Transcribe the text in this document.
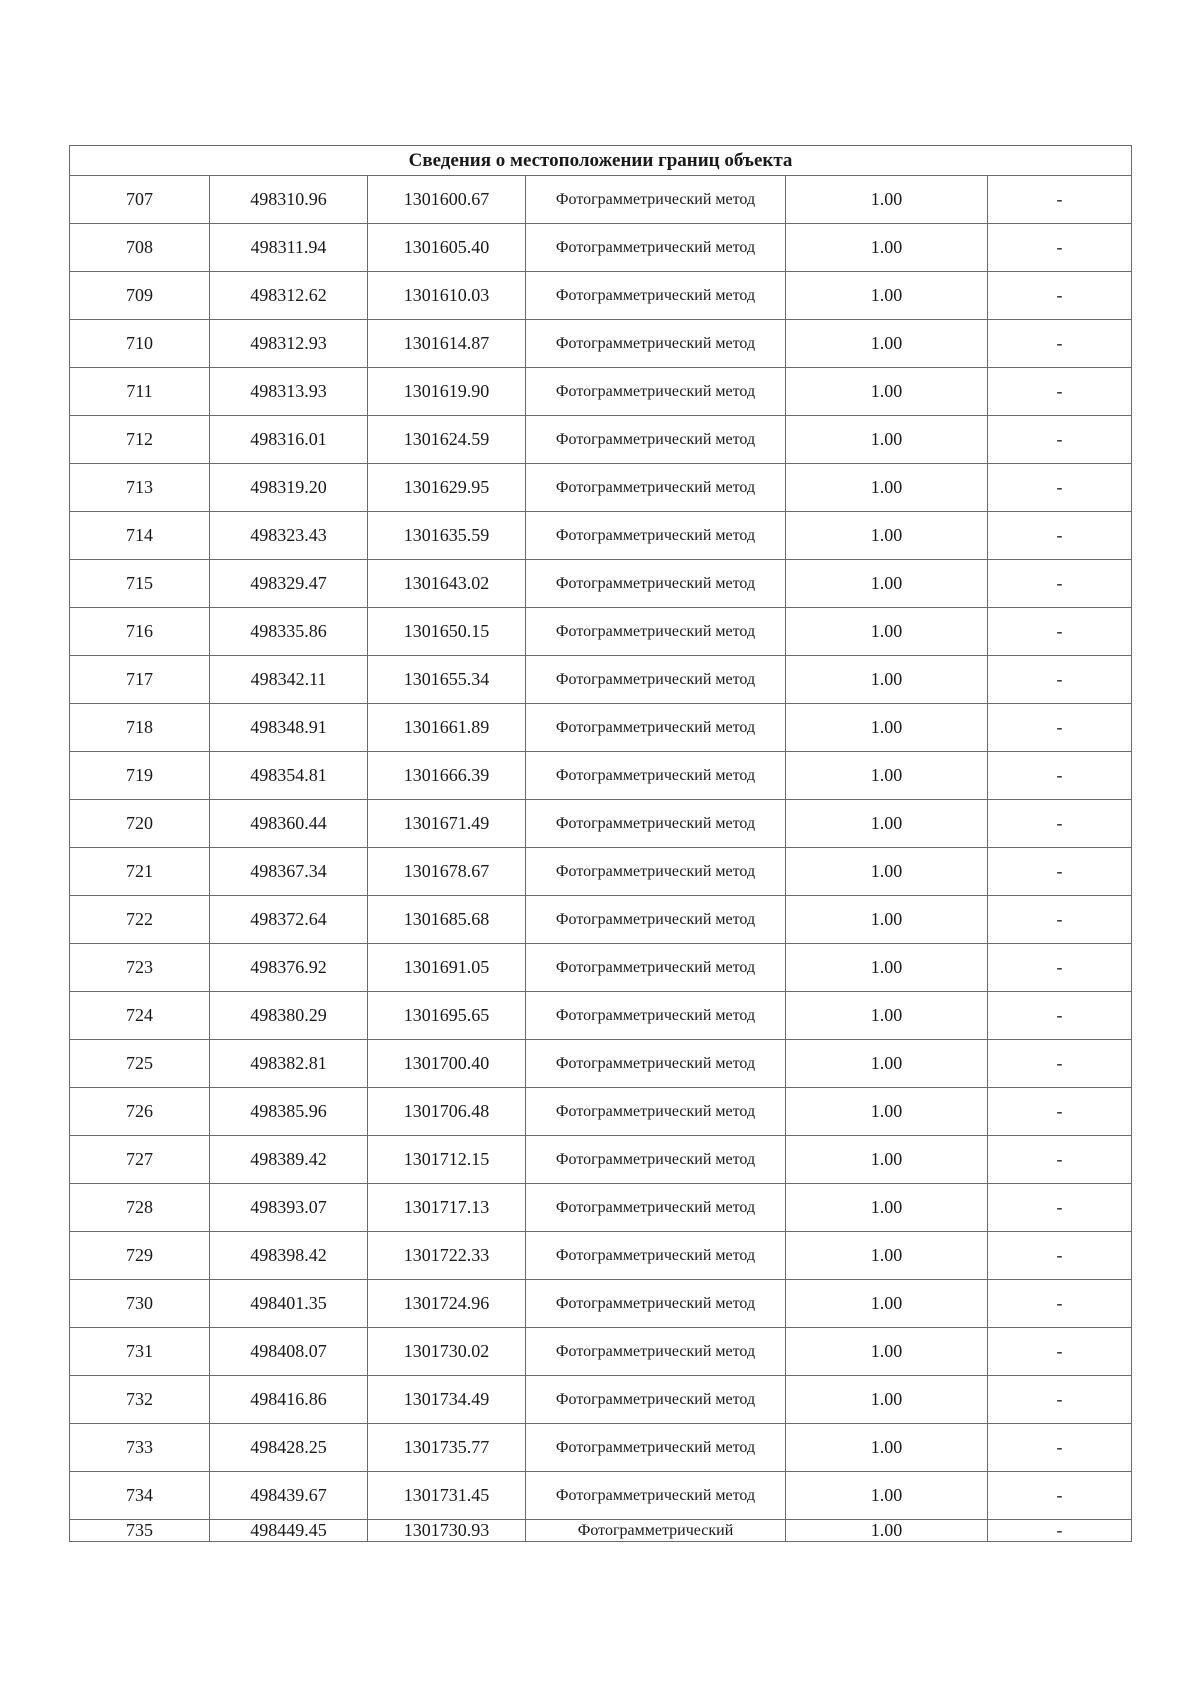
Сведения о местоположении границ объекта					
707	498310.96	1301600.67	Фотограмметрический метод	1.00	-
708	498311.94	1301605.40	Фотограмметрический метод	1.00	-
709	498312.62	1301610.03	Фотограмметрический метод	1.00	-
710	498312.93	1301614.87	Фотограмметрический метод	1.00	-
711	498313.93	1301619.90	Фотограмметрический метод	1.00	-
712	498316.01	1301624.59	Фотограмметрический метод	1.00	-
713	498319.20	1301629.95	Фотограмметрический метод	1.00	-
714	498323.43	1301635.59	Фотограмметрический метод	1.00	-
715	498329.47	1301643.02	Фотограмметрический метод	1.00	-
716	498335.86	1301650.15	Фотограмметрический метод	1.00	-
717	498342.11	1301655.34	Фотограмметрический метод	1.00	-
718	498348.91	1301661.89	Фотограмметрический метод	1.00	-
719	498354.81	1301666.39	Фотограмметрический метод	1.00	-
720	498360.44	1301671.49	Фотограмметрический метод	1.00	-
721	498367.34	1301678.67	Фотограмметрический метод	1.00	-
722	498372.64	1301685.68	Фотограмметрический метод	1.00	-
723	498376.92	1301691.05	Фотограмметрический метод	1.00	-
724	498380.29	1301695.65	Фотограмметрический метод	1.00	-
725	498382.81	1301700.40	Фотограмметрический метод	1.00	-
726	498385.96	1301706.48	Фотограмметрический метод	1.00	-
727	498389.42	1301712.15	Фотограмметрический метод	1.00	-
728	498393.07	1301717.13	Фотограмметрический метод	1.00	-
729	498398.42	1301722.33	Фотограмметрический метод	1.00	-
730	498401.35	1301724.96	Фотограмметрический метод	1.00	-
731	498408.07	1301730.02	Фотограмметрический метод	1.00	-
732	498416.86	1301734.49	Фотограмметрический метод	1.00	-
733	498428.25	1301735.77	Фотограмметрический метод	1.00	-
734	498439.67	1301731.45	Фотограмметрический метод	1.00	-
735	498449.45	1301730.93	Фотограмметрический	1.00	-
